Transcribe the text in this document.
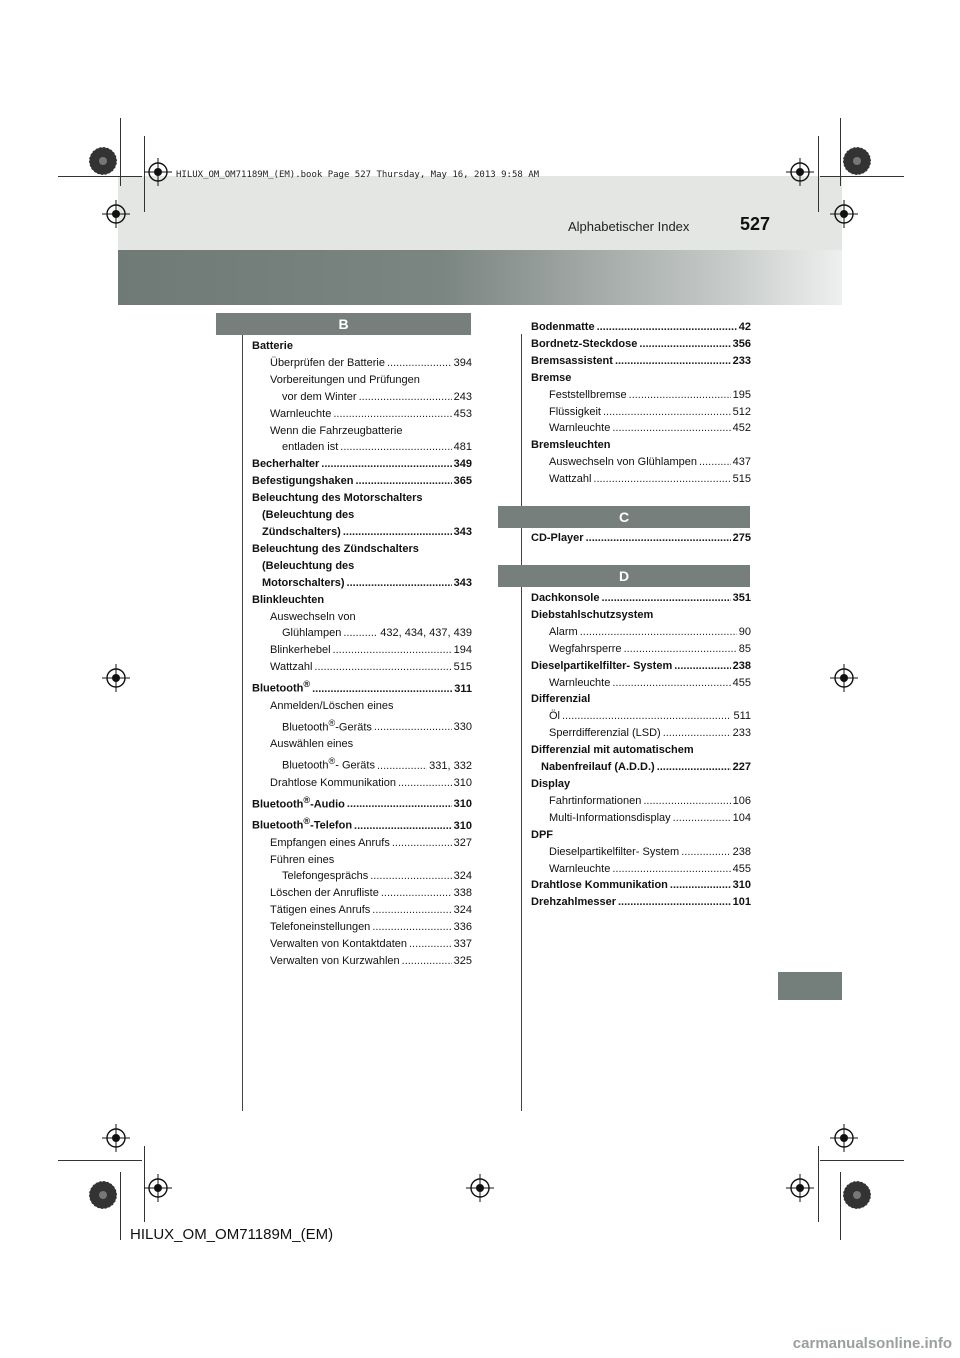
Alphabetischer Index	527
HILUX_OM_OM71189M_(EM).book Page 527 Thursday, May 16, 2013 9:58 AM
B
C
D
Batterie
Überprüfen der Batterie .....	394
Vorbereitungen und Prüfungen
vor dem Winter .....	243
Warnleuchte .....	453
Wenn die Fahrzeugbatterie
entladen ist .....	481
Becherhalter .....	349
Befestigungshaken .....	365
Beleuchtung des Motorschalters
(Beleuchtung des
Zündschalters) .....	343
Beleuchtung des Zündschalters
(Beleuchtung des
Motorschalters) .....	343
Blinkleuchten
Auswechseln von
Glühlampen .....	432, 434, 437, 439
Blinkerhebel .....	194
Wattzahl .....	515
Bluetooth® .....	311
Anmelden/Löschen eines
Bluetooth®-Geräts .....	330
Auswählen eines
Bluetooth®- Geräts .....	331, 332
Drahtlose Kommunikation .....	310
Bluetooth®-Audio .....	310
Bluetooth®-Telefon .....	310
Empfangen eines Anrufs .....	327
Führen eines
Telefongesprächs .....	324
Löschen der Anrufliste .....	338
Tätigen eines Anrufs .....	324
Telefoneinstellungen .....	336
Verwalten von Kontaktdaten .....	337
Verwalten von Kurzwahlen .....	325
Bodenmatte .....	42
Bordnetz-Steckdose .....	356
Bremsassistent .....	233
Bremse
Feststellbremse .....	195
Flüssigkeit .....	512
Warnleuchte .....	452
Bremsleuchten
Auswechseln von Glühlampen .....	437
Wattzahl .....	515
CD-Player .....	275
Dachkonsole .....	351
Diebstahlschutzsystem
Alarm .....	90
Wegfahrsperre .....	85
Dieselpartikelfilter- System .....	238
Warnleuchte .....	455
Differenzial
Öl .....	511
Sperrdifferenzial (LSD) .....	233
Differenzial mit automatischem
Nabenfreilauf (A.D.D.) .....	227
Display
Fahrtinformationen .....	106
Multi-Informationsdisplay .....	104
DPF
Dieselpartikelfilter- System .....	238
Warnleuchte .....	455
Drahtlose Kommunikation .....	310
Drehzahlmesser .....	101
HILUX_OM_OM71189M_(EM)
carmanualsonline.info
